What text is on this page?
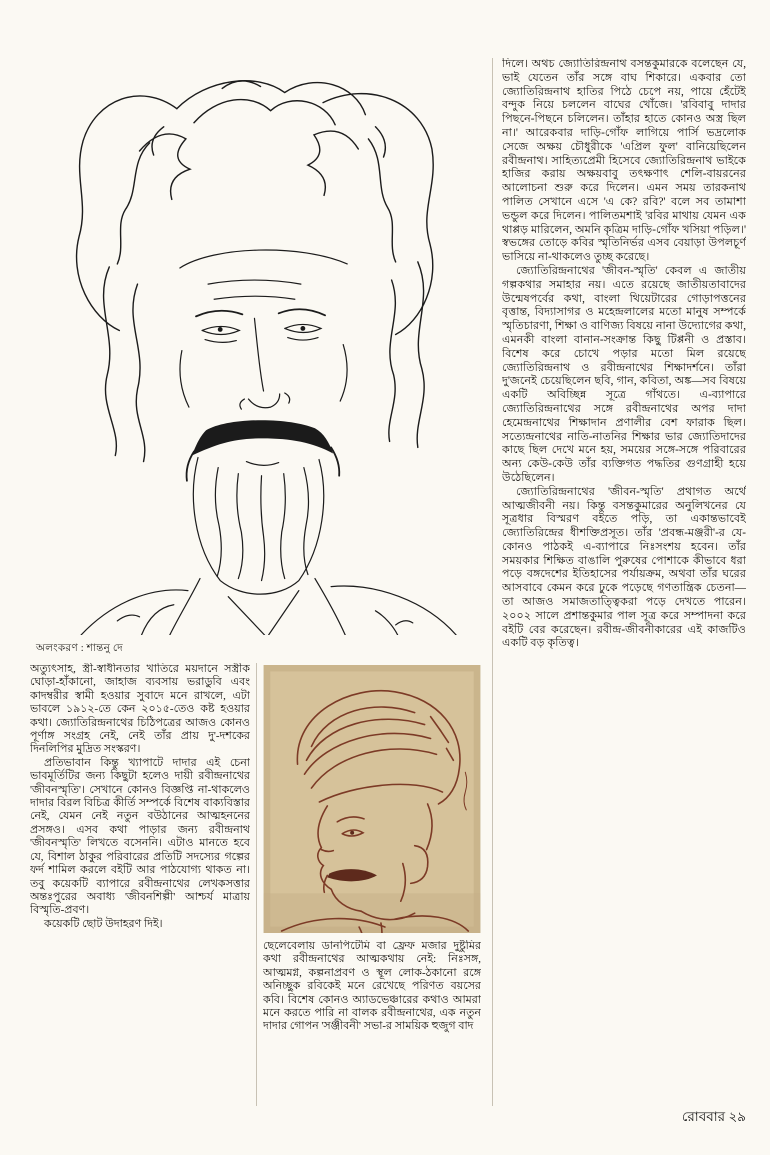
অলংকরণ : শান্তনু দে

অত্যুৎসাহ, স্ত্রী-স্বাধীনতার খাতিরে ময়দানে সস্ত্রীক ঘোড়া-হাঁকানো, জাহাজ ব্যবসায় ভরাডুবি এবং কাদম্বরীর স্বামী হওয়ার সুবাদে মনে রাখলে, এটা ভাবলে ১৯১২-তে কেন ২০১৫-তেও কষ্ট হওয়ার কথা। জ্যোতিরিন্দ্রনাথের চিঠিপত্রের আজও কোনও পূর্ণাঙ্গ সংগ্রহ নেই, নেই তাঁর প্রায় দু'-দশকের দিনলিপির মুদ্রিত সংস্করণ।

প্রতিভাবান কিন্তু খ্যাপাটে দাদার এই চেনা ভাবমূর্তিটির জন্য কিছুটা হলেও দায়ী রবীন্দ্রনাথের 'জীবনস্মৃতি'। সেখানে কোনও বিজ্ঞপ্তি না-থাকলেও দাদার বিরল বিচিত্র কীর্তি সম্পর্কে বিশেষ বাক্যবিস্তার নেই, যেমন নেই নতুন বউঠানের আত্মহননের প্রসঙ্গও। এসব কথা পাড়ার জন্য রবীন্দ্রনাথ 'জীবনস্মৃতি' লিখতে বসেননি। এটাও মানতে হবে যে, বিশাল ঠাকুর পরিবারের প্রতিটি সদস্যের গল্পের ফর্দ শামিল করলে বইটি আর পাঠযোগ্য থাকত না। তবু কয়েকটি ব্যাপারে রবীন্দ্রনাথের লেখকসত্তার অন্তঃপুরের অবাধ্য 'জীবনশিল্পী' আশ্চর্য মাত্রায় বিস্মৃতি-প্রবণ।

কয়েকটি ছোট উদাহরণ দিই।

ছেলেবেলায় ডানপিটেমি বা ফ্রেফ মজার দুষ্টুমির কথা রবীন্দ্রনাথের আত্মকথায় নেই: নিঃসঙ্গ, আত্মমগ্ন, কল্পনাপ্রবণ ও স্থূল লোক-ঠকানো রঙ্গে অনিচ্ছুক রবিকেই মনে রেখেছে পরিণত বয়সের কবি। বিশেষ কোনও অ্যাডভেঞ্চারের কথাও আমরা মনে করতে পারি না বালক রবীন্দ্রনাথের, এক নতুন দাদার গোপন 'সঞ্জীবনী' সভা-র সাময়িক হুজুগ বাদ

দিলে। অথচ জ্যোতিরিন্দ্রনাথ বসন্তকুমারকে বলেছেন যে, ভাই যেতেন তাঁর সঙ্গে বাঘ শিকারে। একবার তো জ্যোতিরিন্দ্রনাথ হাতির পিঠে চেপে নয়, পায়ে হেঁটেই বন্দুক নিয়ে চললেন বাঘের খোঁজে। 'রবিবাবু দাদার পিছনে-পিছনে চলিলেন। তাঁহার হাতে কোনও অস্ত্র ছিল না।' আরেকবার দাড়ি-গোঁফ লাগিয়ে পার্সি ভদ্রলোক সেজে অক্ষয় চৌধুরীকে 'এপ্রিল ফুল' বানিয়েছিলেন রবীন্দ্রনাথ। সাহিত্যপ্রেমী হিসেবে জ্যোতিরিন্দ্রনাথ ভাইকে হাজির করায় অক্ষয়বাবু তৎক্ষণাৎ শেলি-বায়রনের আলোচনা শুরু করে দিলেন। এমন সময় তারকনাথ পালিত সেখানে এসে 'এ কে? রবি?' বলে সব তামাশা ভন্ডুল করে দিলেন। পালিতমশাই 'রবির মাথায় যেমন এক থাপ্পড় মারিলেন, অমনি কৃত্রিম দাড়ি-গোঁফ খসিয়া পড়িল।' স্বভঙ্গের তোড়ে কবির স্মৃতিনির্ভর এসব বেয়াড়া উপলচূর্ণ ভাসিয়ে না-থাকলেও তুচ্ছ করেছে।

জ্যোতিরিন্দ্রনাথের 'জীবন-স্মৃতি' কেবল এ জাতীয় গল্পকথার সমাহার নয়। এতে রয়েছে জাতীয়তাবাদের উন্মেষপর্বের কথা, বাংলা থিয়েটারের গোড়াপত্তনের বৃত্তান্ত, বিদ্যাসাগর ও মহেন্দ্রলালের মতো মানুষ সম্পর্কে স্মৃতিচারণা, শিক্ষা ও বাণিজ্য বিষয়ে নানা উদ্যোগের কথা, এমনকী বাংলা বানান-সংক্রান্ত কিছু টিপ্পনী ও প্রস্তাব। বিশেষ করে চোখে পড়ার মতো মিল রয়েছে জ্যোতিরিন্দ্রনাথ ও রবীন্দ্রনাথের শিক্ষাদর্শনে। তাঁরা দু'জনেই চেয়েছিলেন ছবি, গান, কবিতা, অঙ্ক—সব বিষয়ে একটি অবিচ্ছিন্ন সূত্রে গাঁথতে। এ-ব্যাপারে জ্যোতিরিন্দ্রনাথের সঙ্গে রবীন্দ্রনাথের অপর দাদা হেমেন্দ্রনাথের শিক্ষাদান প্রণালীর বেশ ফারাক ছিল। সত্যেন্দ্রনাথের নাতি-নাতনির শিক্ষার ভার জ্যোতিদাদের কাছে ছিল দেখে মনে হয়, সময়ের সঙ্গে-সঙ্গে পরিবারের অন্য কেউ-কেউ তাঁর ব্যক্তিগত পদ্ধতির গুণগ্রাহী হয়ে উঠেছিলেন।

জ্যোতিরিন্দ্রনাথের 'জীবন-স্মৃতি' প্রথাগত অর্থে আত্মজীবনী নয়। কিন্তু বসন্তকুমারের অনুলিখনের যে সূত্রধার বিস্মরণ বইতে পড়ি, তা একান্তভাবেই জ্যোতিরিন্দ্রের ধীশক্তিপ্রসূত। তাঁর 'প্রবন্ধ-মঞ্জরী'-র যে-কোনও পাঠকই এ-ব্যাপারে নিঃসংশয় হবেন। তাঁর সময়কার শিক্ষিত বাঙালি পুরুষের পোশাকে কীভাবে ধরা পড়ে বঙ্গদেশের ইতিহাসের পর্যায়ক্রম, অথবা তাঁর ঘরের আসবাবে কেমন করে ঢুকে পড়েছে গণতান্ত্রিক চেতনা—তা আজও সমাজতাত্ত্বিকরা পড়ে দেখতে পারেন। ২০০২ সালে প্রশান্তকুমার পাল সূত্র করে সম্পাদনা করে বইটি বের করেছেন। রবীন্দ্র-জীবনীকারের এই কাজটিও একটি বড় কৃতিত্ব।

রোববার ২৯
